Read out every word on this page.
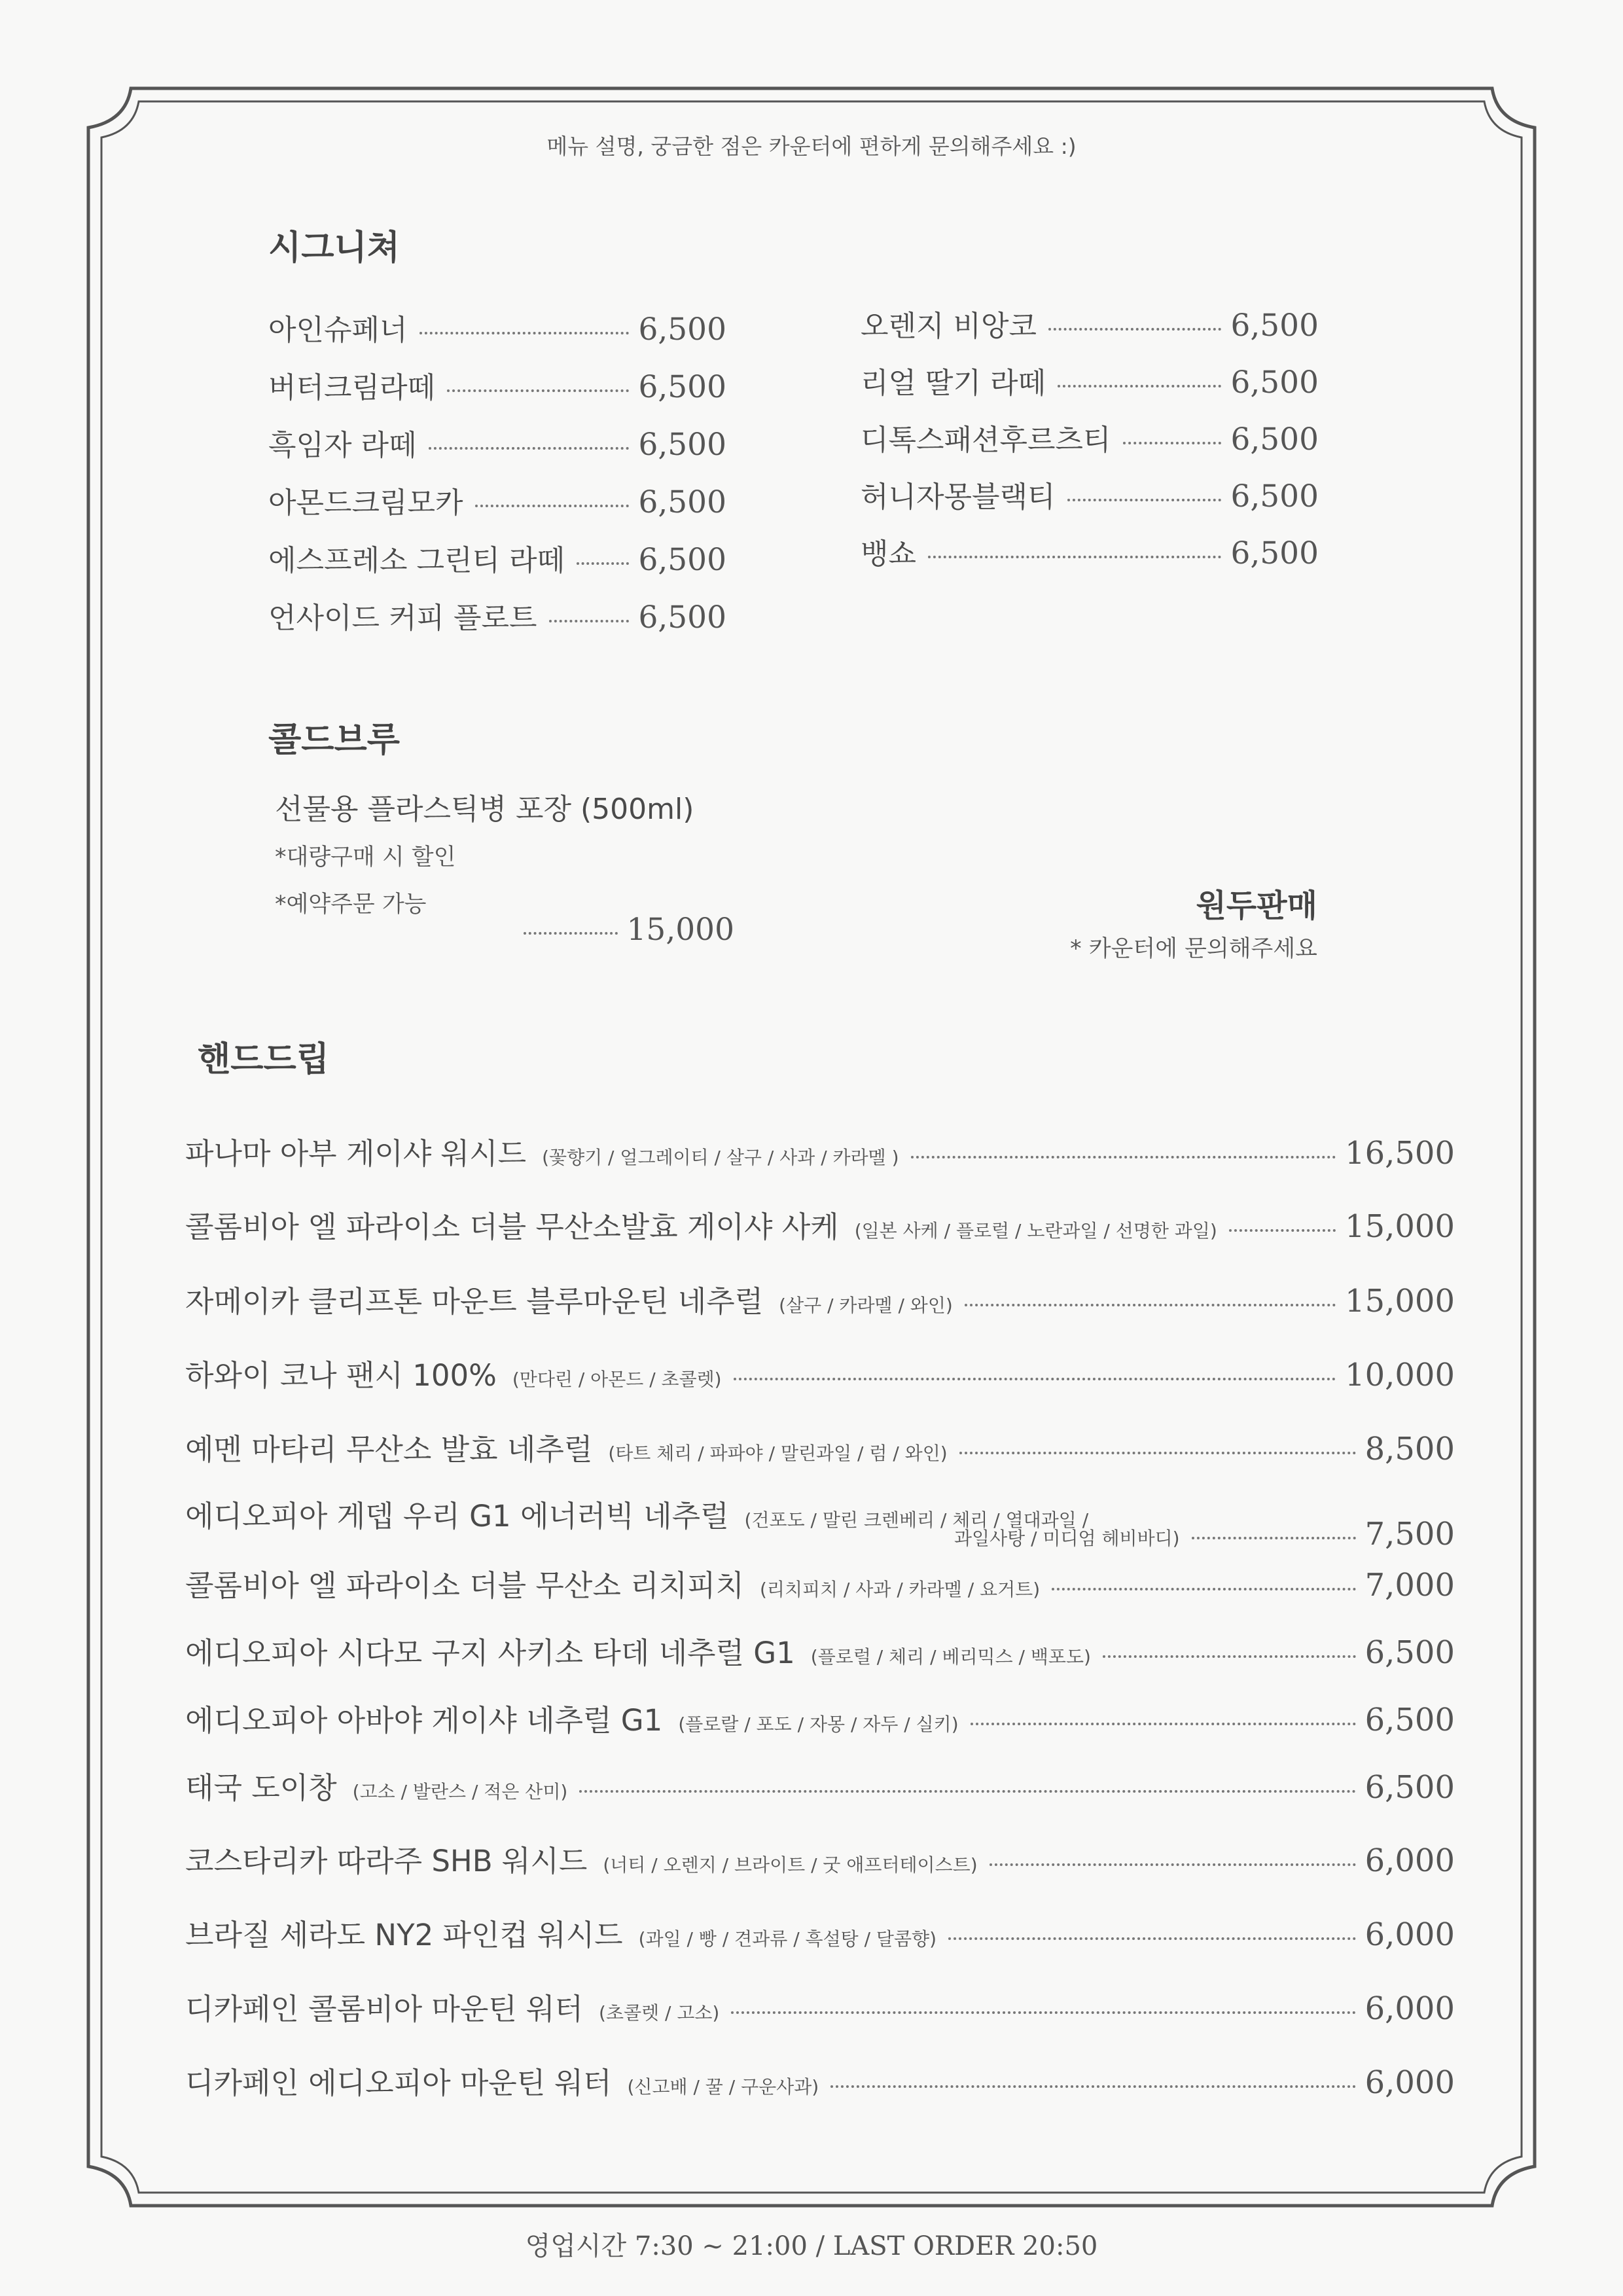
메뉴 설명, 궁금한 점은 카운터에 편하게 문의해주세요 :)
시그니쳐
아인슈페너	6,500
버터크림라떼	6,500
흑임자 라떼	6,500
아몬드크림모카	6,500
에스프레소 그린티 라떼 6,500
언사이드 커피 플로트	6,500
오렌지 비앙코	6,500
리얼 딸기 라떼	6,500
디톡스패션후르츠티	6,500
허니자몽블랙티	6,500
뱅쇼	6,500
콜드브루
선물용 플라스틱병 포장 (500ml)
*대량구매 시 할인
*예약주문 가능
15,000
원두판매
* 카운터에 문의해주세요
핸드드립
파나마 아부 게이샤 워시드 (꽃향기 / 얼그레이티 / 살구 / 사과 / 카라멜 )	16,500
콜롬비아 엘 파라이소 더블 무산소발효 게이샤 사케 (일본 사케 / 플로럴 / 노란과일 / 선명한 과일)	15,000
자메이카 클리프톤 마운트 블루마운틴 네추럴 (살구 / 카라멜 / 와인)	15,000
하와이 코나 팬시 100% (만다린 / 아몬드 / 초콜렛)	10,000
예멘 마타리 무산소 발효 네추럴 (타트 체리 / 파파야 / 말린과일 / 럼 / 와인)	8,500
에디오피아 게뎁 우리 G1 에너러빅 네추럴 (건포도 / 말린 크렌베리 / 체리 / 열대과일 /
과일사탕 / 미디엄 헤비바디)	7,500
콜롬비아 엘 파라이소 더블 무산소 리치피치 (리치피치 / 사과 / 카라멜 / 요거트)	7,000
에디오피아 시다모 구지 사키소 타데 네추럴 G1 (플로럴 / 체리 / 베리믹스 / 백포도)	6,500
에디오피아 아바야 게이샤 네추럴 G1 (플로랄 / 포도 / 자몽 / 자두 / 실키)	6,500
태국 도이창 (고소 / 발란스 / 적은 산미)	6,500
코스타리카 따라주 SHB 워시드 (너티 / 오렌지 / 브라이트 / 굿 애프터테이스트)	6,000
브라질 세라도 NY2 파인컵 워시드 (과일 / 빵 / 견과류 / 흑설탕 / 달콤향)	6,000
디카페인 콜롬비아 마운틴 워터 (초콜렛 / 고소)	6,000
디카페인 에디오피아 마운틴 워터 (신고배 / 꿀 / 구운사과)	6,000
영업시간 7:30 ~ 21:00 / LAST ORDER 20:50
